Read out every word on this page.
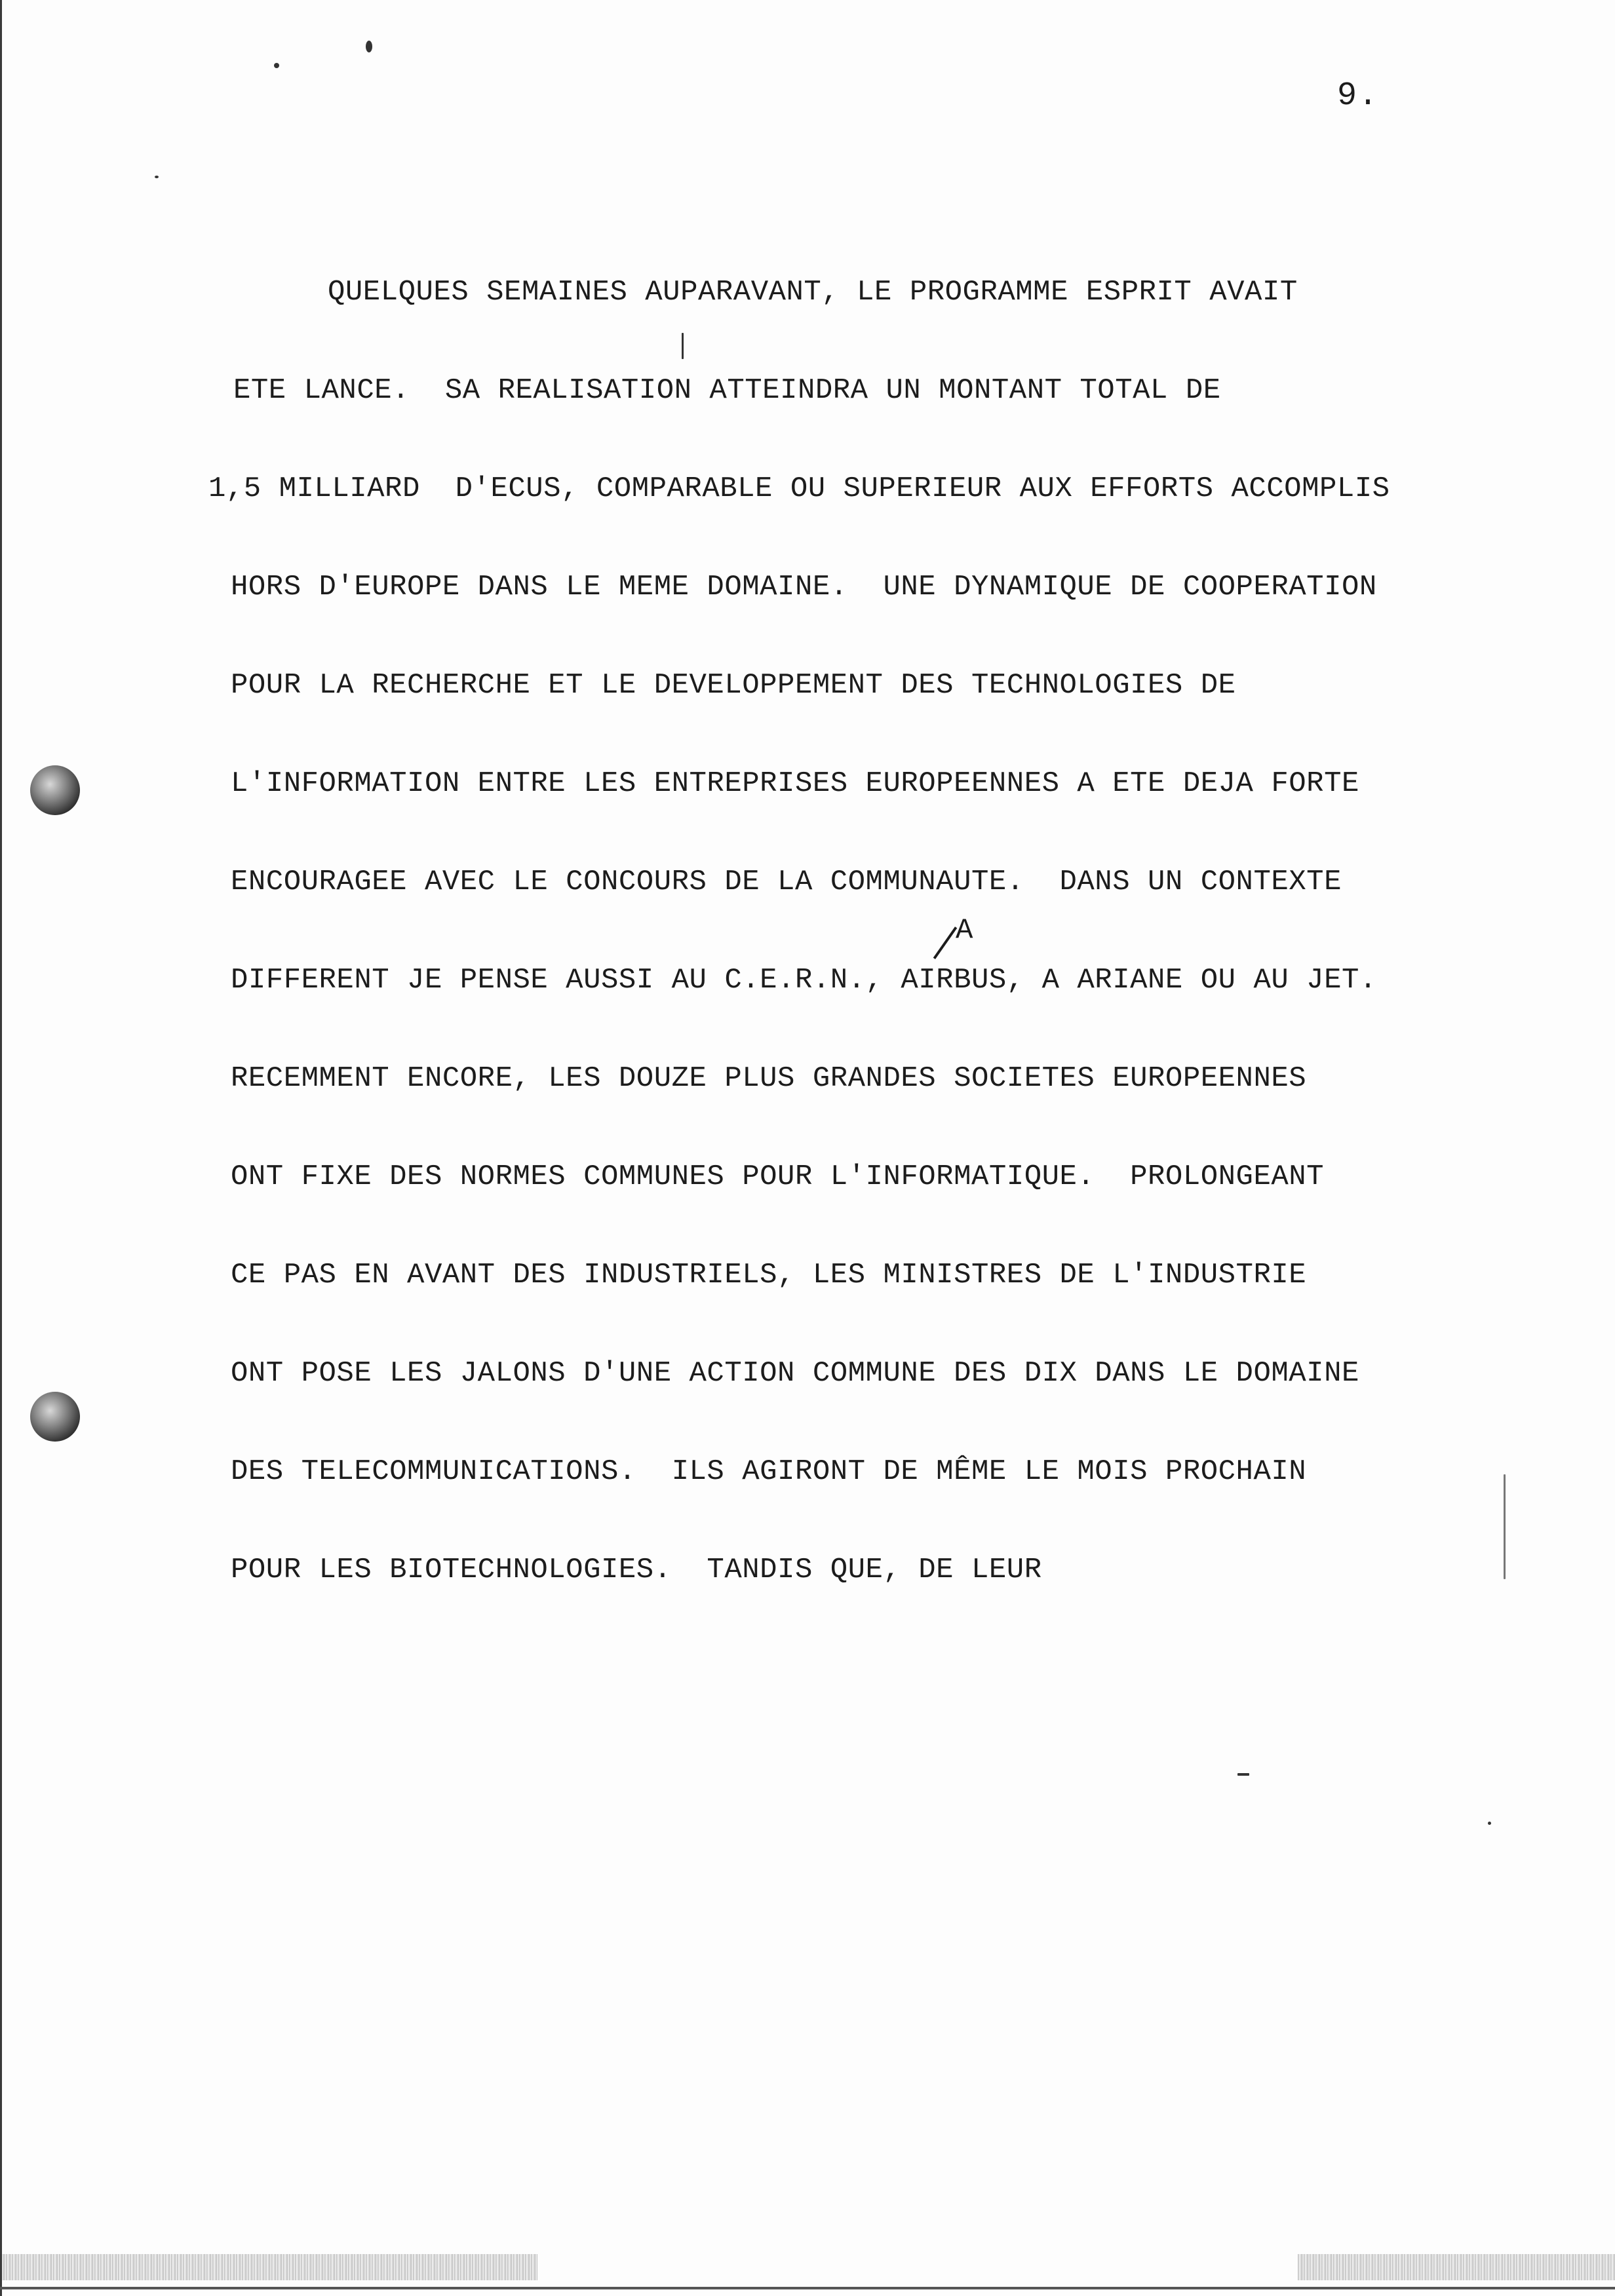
9.
QUELQUES SEMAINES AUPARAVANT, LE PROGRAMME ESPRIT AVAIT
ETE LANCE.  SA REALISATION ATTEINDRA UN MONTANT TOTAL DE
1,5 MILLIARD  D'ECUS, COMPARABLE OU SUPERIEUR AUX EFFORTS ACCOMPLIS
HORS D'EUROPE DANS LE MEME DOMAINE.  UNE DYNAMIQUE DE COOPERATION
POUR LA RECHERCHE ET LE DEVELOPPEMENT DES TECHNOLOGIES DE
L'INFORMATION ENTRE LES ENTREPRISES EUROPEENNES A ETE DEJA FORTE
ENCOURAGEE AVEC LE CONCOURS DE LA COMMUNAUTE.  DANS UN CONTEXTE
DIFFERENT JE PENSE AUSSI AU C.E.R.N., AIRBUS, A ARIANE OU AU JET.
RECEMMENT ENCORE, LES DOUZE PLUS GRANDES SOCIETES EUROPEENNES
ONT FIXE DES NORMES COMMUNES POUR L'INFORMATIQUE.  PROLONGEANT
CE PAS EN AVANT DES INDUSTRIELS, LES MINISTRES DE L'INDUSTRIE
ONT POSE LES JALONS D'UNE ACTION COMMUNE DES DIX DANS LE DOMAINE
DES TELECOMMUNICATIONS.  ILS AGIRONT DE MÊME LE MOIS PROCHAIN
POUR LES BIOTECHNOLOGIES.  TANDIS QUE, DE LEUR
A
